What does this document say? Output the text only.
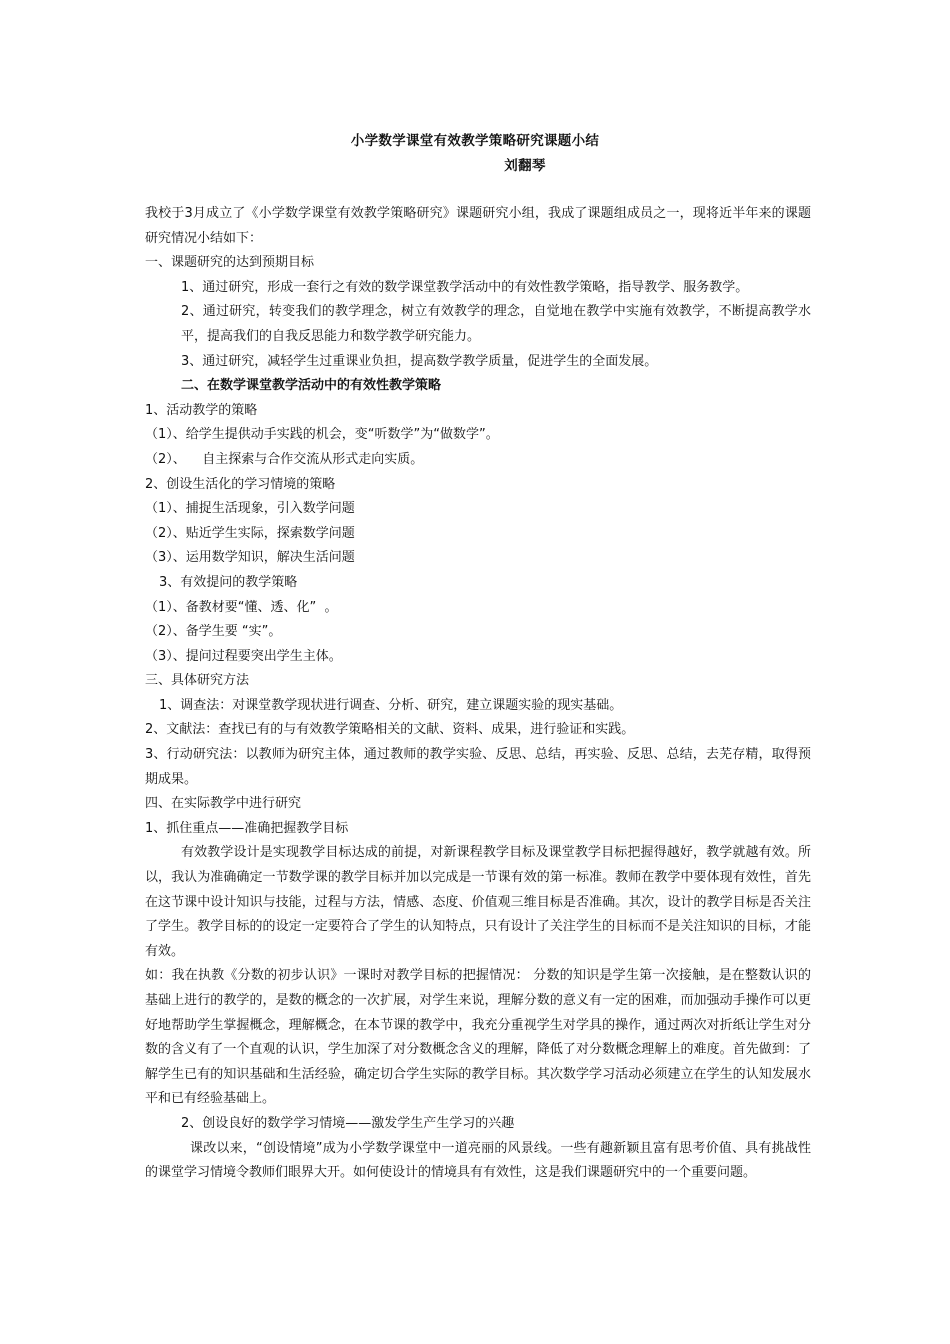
小学数学课堂有效教学策略研究课题小结
刘翻琴

我校于3月成立了《小学数学课堂有效教学策略研究》课题研究小组，我成了课题组成员之一，现将近半年来的课题研究情况小结如下：

一、课题研究的达到预期目标

1、通过研究，形成一套行之有效的数学课堂教学活动中的有效性教学策略，指导教学、服务教学。

2、通过研究，转变我们的教学理念，树立有效教学的理念，自觉地在教学中实施有效教学，不断提高教学水平，提高我们的自我反思能力和数学教学研究能力。

3、通过研究，减轻学生过重课业负担，提高数学教学质量，促进学生的全面发展。

二、在数学课堂教学活动中的有效性教学策略

1、活动教学的策略

（1）、给学生提供动手实践的机会，变“听数学”为“做数学”。

（2）、    自主探索与合作交流从形式走向实质。

2、创设生活化的学习情境的策略

（1）、捕捉生活现象，引入数学问题

（2）、贴近学生实际，探索数学问题

（3）、运用数学知识，解决生活问题

3、有效提问的教学策略

（1）、备教材要“懂、透、化”  。

（2）、备学生要 “实”。

（3）、提问过程要突出学生主体。

三、具体研究方法

1、调查法：对课堂教学现状进行调查、分析、研究，建立课题实验的现实基础。

2、文献法：查找已有的与有效教学策略相关的文献、资料、成果，进行验证和实践。

3、行动研究法：以教师为研究主体，通过教师的教学实验、反思、总结，再实验、反思、总结，去芜存精，取得预期成果。

四、在实际教学中进行研究

1、抓住重点——准确把握教学目标

有效教学设计是实现教学目标达成的前提，对新课程教学目标及课堂教学目标把握得越好，教学就越有效。所以，我认为准确确定一节数学课的教学目标并加以完成是一节课有效的第一标准。教师在教学中要体现有效性，首先在这节课中设计知识与技能，过程与方法，情感、态度、价值观三维目标是否准确。其次，设计的教学目标是否关注了学生。教学目标的的设定一定要符合了学生的认知特点，只有设计了关注学生的目标而不是关注知识的目标，才能有效。

如：我在执教《分数的初步认识》一课时对教学目标的把握情况： 分数的知识是学生第一次接触，是在整数认识的基础上进行的教学的，是数的概念的一次扩展，对学生来说，理解分数的意义有一定的困难，而加强动手操作可以更好地帮助学生掌握概念，理解概念，在本节课的教学中，我充分重视学生对学具的操作，通过两次对折纸让学生对分数的含义有了一个直观的认识，学生加深了对分数概念含义的理解，降低了对分数概念理解上的难度。首先做到：了解学生已有的知识基础和生活经验，确定切合学生实际的教学目标。其次数学学习活动必须建立在学生的认知发展水平和已有经验基础上。

2、创设良好的数学学习情境——激发学生产生学习的兴趣

课改以来，“创设情境”成为小学数学课堂中一道亮丽的风景线。一些有趣新颖且富有思考价值、具有挑战性的课堂学习情境令教师们眼界大开。如何使设计的情境具有有效性，这是我们课题研究中的一个重要问题。
